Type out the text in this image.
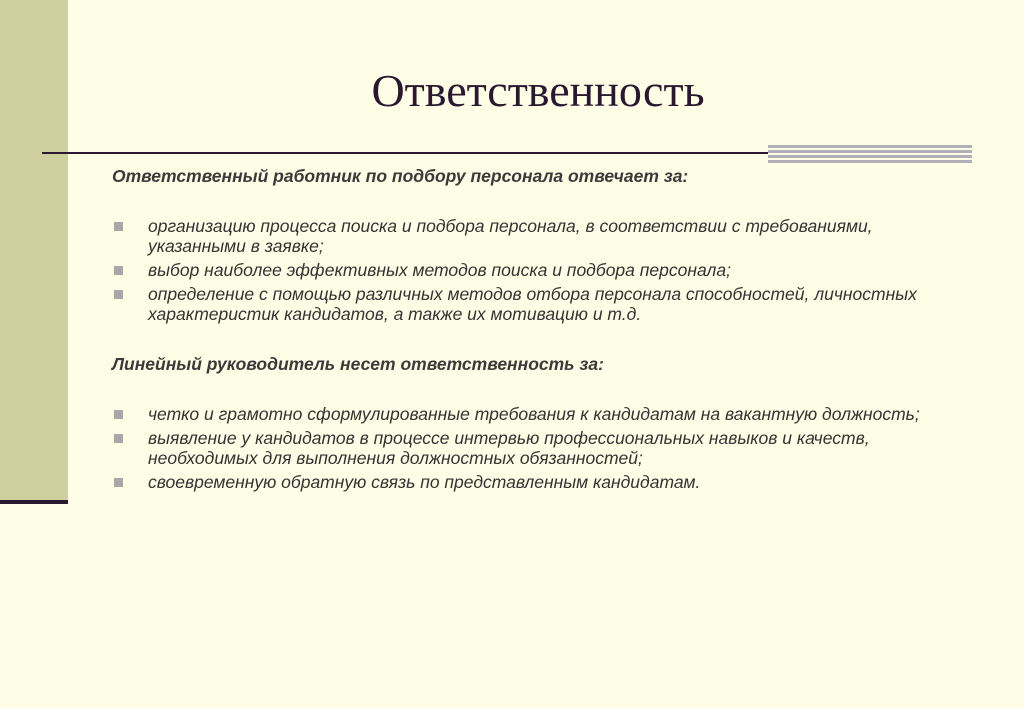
Ответственность

Ответственный работник по подбору персонала отвечает за:

организацию процесса поиска и подбора персонала, в соответствии с требованиями, указанными в заявке;
выбор наиболее эффективных методов поиска и подбора персонала;
определение с помощью различных методов отбора персонала способностей, личностных характеристик кандидатов, а также их мотивацию и т.д.

Линейный руководитель несет ответственность за:

четко и грамотно сформулированные требования к кандидатам на вакантную должность;
выявление у кандидатов в процессе интервью профессиональных навыков и качеств, необходимых для выполнения должностных обязанностей;
своевременную обратную связь по представленным кандидатам.
